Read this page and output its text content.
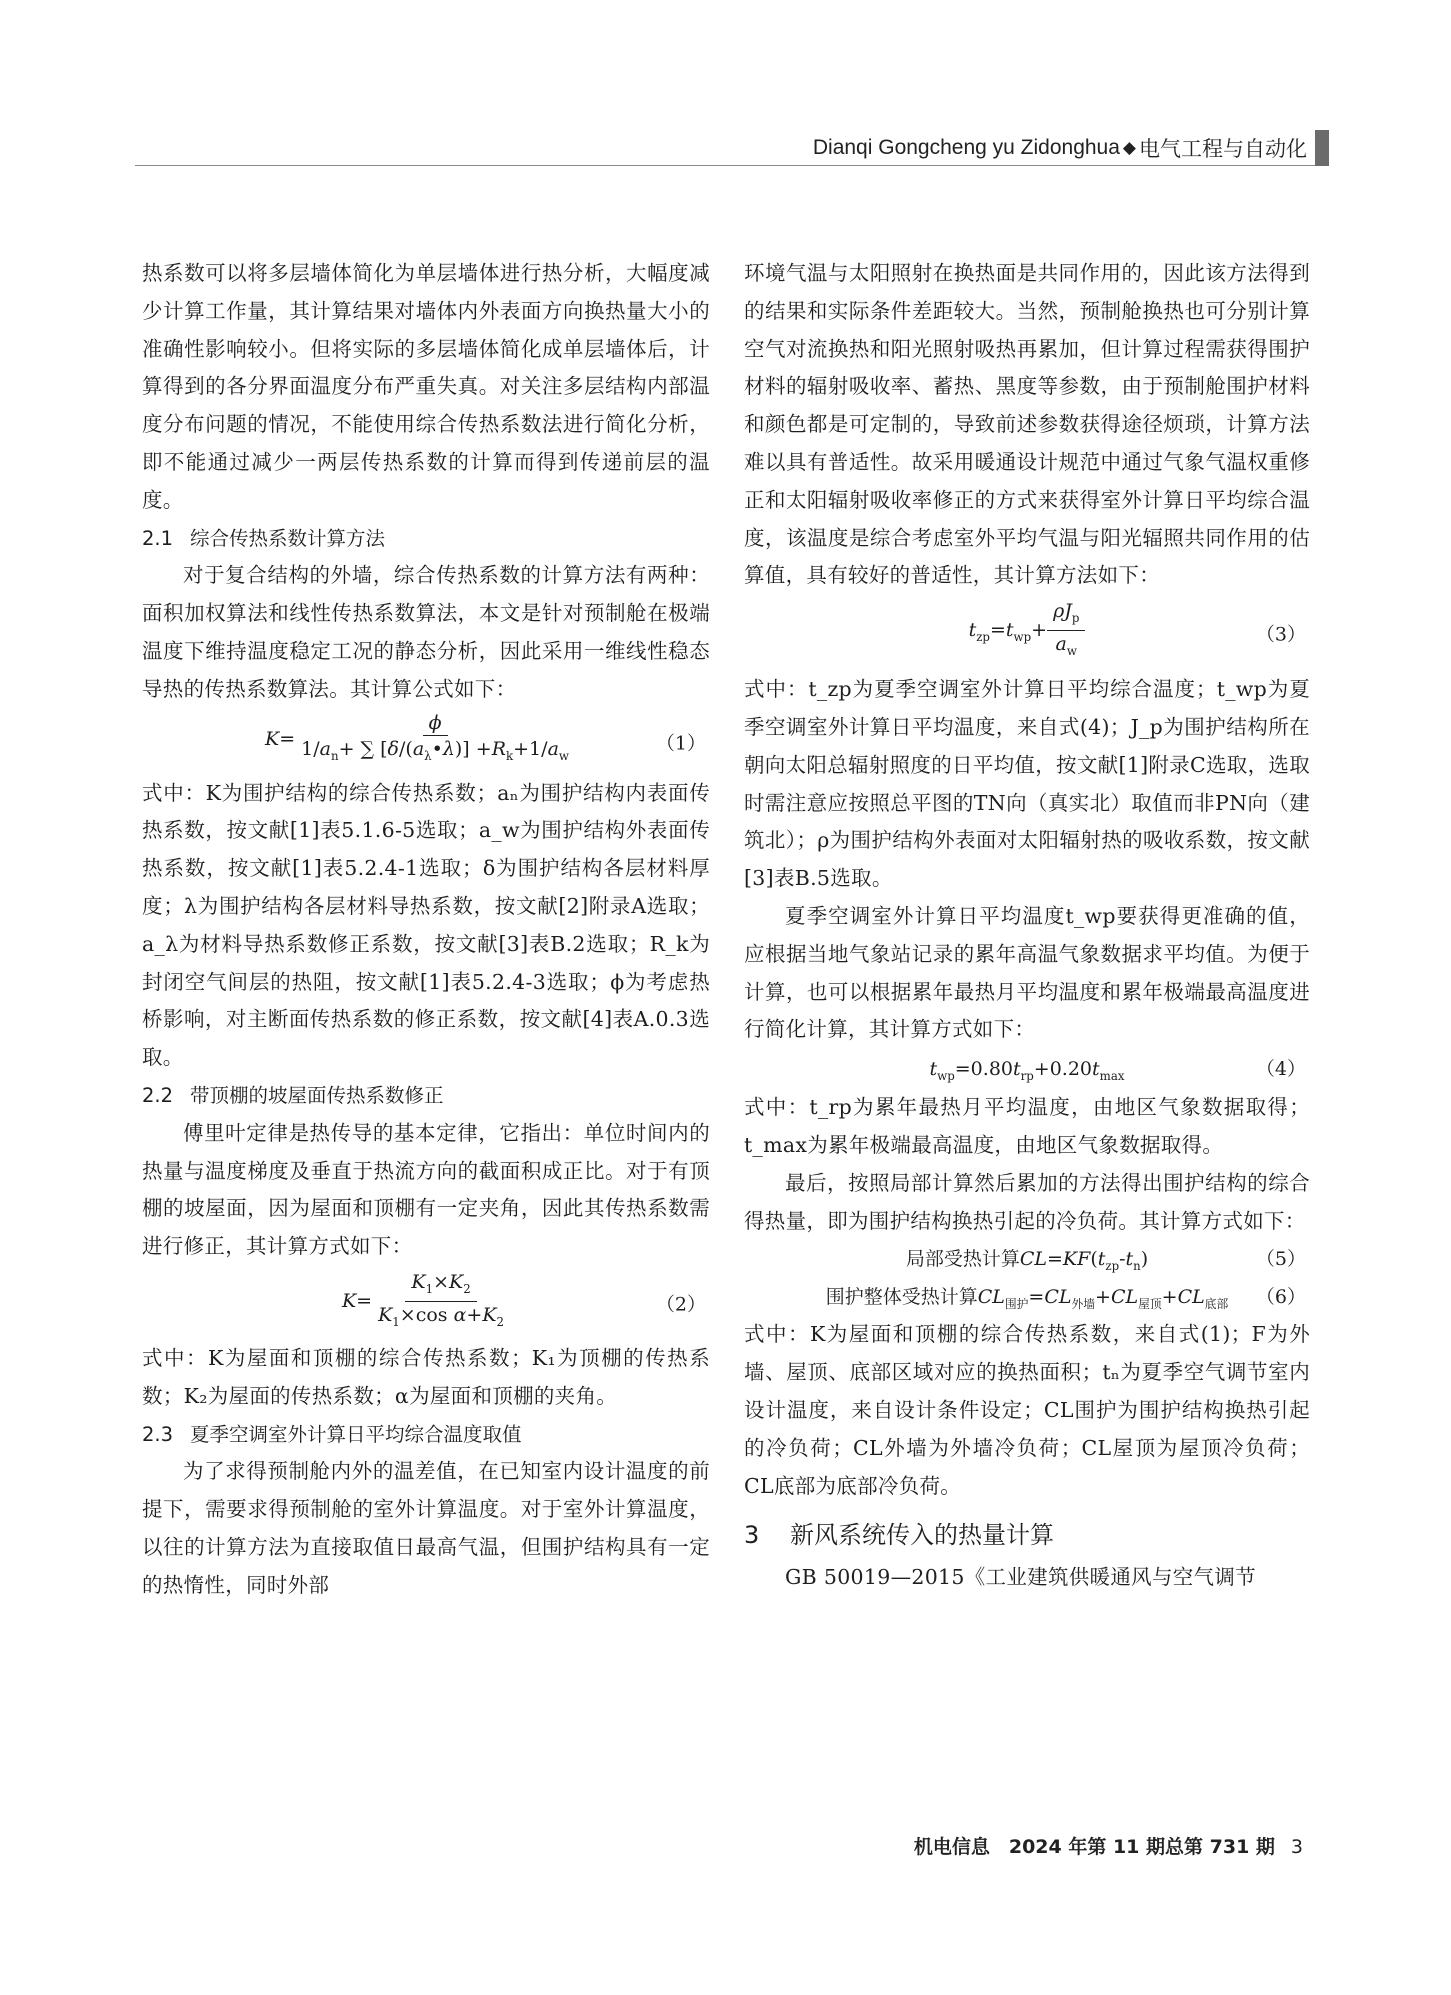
Dianqi Gongcheng yu Zidonghua ◆ 电气工程与自动化

热系数可以将多层墙体简化为单层墙体进行热分析，大幅度减少计算工作量，其计算结果对墙体内外表面方向换热量大小的准确性影响较小。但将实际的多层墙体简化成单层墙体后，计算得到的各分界面温度分布严重失真。对关注多层结构内部温度分布问题的情况，不能使用综合传热系数法进行简化分析，即不能通过减少一两层传热系数的计算而得到传递前层的温度。

2.1 综合传热系数计算方法

对于复合结构的外墙，综合传热系数的计算方法有两种：面积加权算法和线性传热系数算法，本文是针对预制舱在极端温度下维持温度稳定工况的静态分析，因此采用一维线性稳态导热的传热系数算法。其计算公式如下：

$K= \frac{\phi}{1/a_n+ \sum [\delta/(a_\lambda•\lambda)] +R_k+1/a_w}$	（1）

式中：K为围护结构的综合传热系数；aₙ为围护结构内表面传热系数，按文献[1]表5.1.6-5选取；a_w为围护结构外表面传热系数，按文献[1]表5.2.4-1选取；δ为围护结构各层材料厚度；λ为围护结构各层材料导热系数，按文献[2]附录A选取；a_λ为材料导热系数修正系数，按文献[3]表B.2选取；R_k为封闭空气间层的热阻，按文献[1]表5.2.4-3选取；ϕ为考虑热桥影响，对主断面传热系数的修正系数，按文献[4]表A.0.3选取。

2.2 带顶棚的坡屋面传热系数修正

傅里叶定律是热传导的基本定律，它指出：单位时间内的热量与温度梯度及垂直于热流方向的截面积成正比。对于有顶棚的坡屋面，因为屋面和顶棚有一定夹角，因此其传热系数需进行修正，其计算方式如下：

$K= \frac{K_1\times K_2}{K_1\times\cos \alpha+K_2}$	（2）

式中：K为屋面和顶棚的综合传热系数；K₁为顶棚的传热系数；K₂为屋面的传热系数；α为屋面和顶棚的夹角。

2.3 夏季空调室外计算日平均综合温度取值

为了求得预制舱内外的温差值，在已知室内设计温度的前提下，需要求得预制舱的室外计算温度。对于室外计算温度，以往的计算方法为直接取值日最高气温，但围护结构具有一定的热惰性，同时外部

环境气温与太阳照射在换热面是共同作用的，因此该方法得到的结果和实际条件差距较大。当然，预制舱换热也可分别计算空气对流换热和阳光照射吸热再累加，但计算过程需获得围护材料的辐射吸收率、蓄热、黑度等参数，由于预制舱围护材料和颜色都是可定制的，导致前述参数获得途径烦琐，计算方法难以具有普适性。故采用暖通设计规范中通过气象气温权重修正和太阳辐射吸收率修正的方式来获得室外计算日平均综合温度，该温度是综合考虑室外平均气温与阳光辐照共同作用的估算值，具有较好的普适性，其计算方法如下：

$t_{zp}=t_{wp}+ \frac{\rho J_p}{a_w}$	（3）

式中：t_zp为夏季空调室外计算日平均综合温度；t_wp为夏季空调室外计算日平均温度，来自式(4)；J_p为围护结构所在朝向太阳总辐射照度的日平均值，按文献[1]附录C选取，选取时需注意应按照总平图的TN向（真实北）取值而非PN向（建筑北）；ρ为围护结构外表面对太阳辐射热的吸收系数，按文献[3]表B.5选取。

夏季空调室外计算日平均温度t_wp要获得更准确的值，应根据当地气象站记录的累年高温气象数据求平均值。为便于计算，也可以根据累年最热月平均温度和累年极端最高温度进行简化计算，其计算方式如下：

$t_{wp}=0.80t_{rp}+0.20t_{max}$	（4）

式中：t_rp为累年最热月平均温度，由地区气象数据取得；t_max为累年极端最高温度，由地区气象数据取得。

最后，按照局部计算然后累加的方法得出围护结构的综合得热量，即为围护结构换热引起的冷负荷。其计算方式如下：

局部受热计算$CL=KF(t_{zp}-t_n)$	（5）
围护整体受热计算$CL_{围护}=CL_{外墙}+CL_{屋顶}+CL_{底部}$ （6）

式中：K为屋面和顶棚的综合传热系数，来自式(1)；F为外墙、屋顶、底部区域对应的换热面积；tₙ为夏季空气调节室内设计温度，来自设计条件设定；CL围护为围护结构换热引起的冷负荷；CL外墙为外墙冷负荷；CL屋顶为屋顶冷负荷；CL底部为底部冷负荷。

3 新风系统传入的热量计算

GB 50019—2015《工业建筑供暖通风与空气调节

机电信息　2024 年第 11 期总第 731 期 3
